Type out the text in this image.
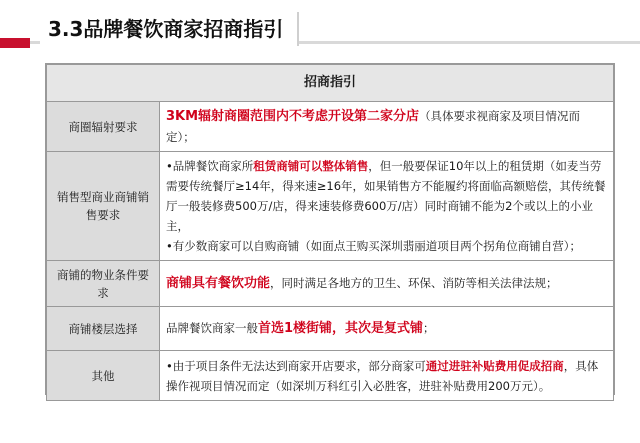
3.3品牌餐饮商家招商指引
招商指引	
商圈辐射要求	3KM辐射商圈范围内不考虑开设第二家分店（具体要求视商家及项目情况而定）；
销售型商业商铺销售要求	•品牌餐饮商家所租赁商铺可以整体销售，但一般要保证10年以上的租赁期（如麦当劳需要传统餐厅≥14年，得来速≥16年，如果销售方不能履约将面临高额赔偿，其传统餐厅一般装修费500万/店，得来速装修费600万/店）同时商铺不能为2个或以上的小业主，
•有少数商家可以自购商铺（如面点王购买深圳翡丽道项目两个拐角位商铺自营）；

商铺的物业条件要求	商铺具有餐饮功能，同时满足各地方的卫生、环保、消防等相关法律法规；
商铺楼层选择	品牌餐饮商家一般首选1楼街铺，其次是复式铺；
其他	•由于项目条件无法达到商家开店要求，部分商家可通过进驻补贴费用促成招商，具体操作视项目情况而定（如深圳万科红引入必胜客，进驻补贴费用200万元）。
